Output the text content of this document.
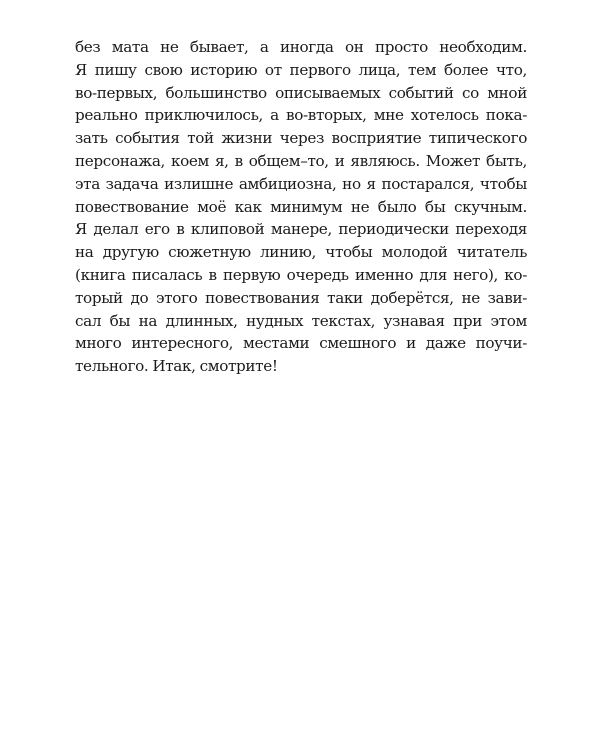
без мата не бывает, а иногда он просто необходим.
Я пишу свою историю от первого лица, тем более что,
во-первых, большинство описываемых событий со мной
реально приключилось, а во-вторых, мне хотелось пока-
зать события той жизни через восприятие типического
персонажа, коем я, в общем–то, и являюсь. Может быть,
эта задача излишне амбициозна, но я постарался, чтобы
повествование моё как минимум не было бы скучным.
Я делал его в клиповой манере, периодически переходя
на другую сюжетную линию, чтобы молодой читатель
(книга писалась в первую очередь именно для него), ко-
торый до этого повествования таки доберётся, не зави-
сал бы на длинных, нудных текстах, узнавая при этом
много интересного, местами смешного и даже поучи-
тельного. Итак, смотрите!
